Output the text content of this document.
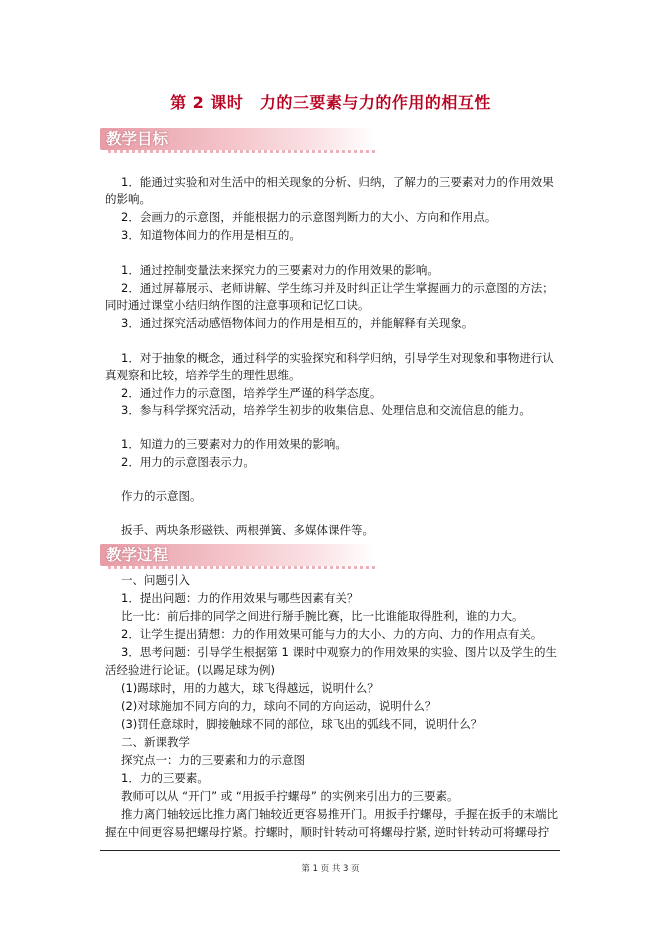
第 2 课时　力的三要素与力的作用的相互性
教学目标
1．能通过实验和对生活中的相关现象的分析、归纳，了解力的三要素对力的作用效果
的影响。
2．会画力的示意图，并能根据力的示意图判断力的大小、方向和作用点。
3．知道物体间力的作用是相互的。
1．通过控制变量法来探究力的三要素对力的作用效果的影响。
2．通过屏幕展示、老师讲解、学生练习并及时纠正让学生掌握画力的示意图的方法；
同时通过课堂小结归纳作图的注意事项和记忆口诀。
3．通过探究活动感悟物体间力的作用是相互的，并能解释有关现象。
1．对于抽象的概念，通过科学的实验探究和科学归纳，引导学生对现象和事物进行认
真观察和比较，培养学生的理性思维。
2．通过作力的示意图，培养学生严谨的科学态度。
3．参与科学探究活动，培养学生初步的收集信息、处理信息和交流信息的能力。
1．知道力的三要素对力的作用效果的影响。
2．用力的示意图表示力。
作力的示意图。
扳手、两块条形磁铁、两根弹簧、多媒体课件等。
教学过程
一、问题引入
1．提出问题：力的作用效果与哪些因素有关？
比一比：前后排的同学之间进行掰手腕比赛，比一比谁能取得胜利，谁的力大。
2．让学生提出猜想：力的作用效果可能与力的大小、力的方向、力的作用点有关。
3．思考问题：引导学生根据第 1 课时中观察力的作用效果的实验、图片以及学生的生
活经验进行论证。(以踢足球为例)
(1)踢球时，用的力越大，球飞得越远，说明什么？
(2)对球施加不同方向的力，球向不同的方向运动，说明什么？
(3)罚任意球时，脚接触球不同的部位，球飞出的弧线不同，说明什么？
二、新课教学
探究点一：力的三要素和力的示意图
1．力的三要素。
教师可以从 “开门” 或 “用扳手拧螺母” 的实例来引出力的三要素。
推力离门轴较远比推力离门轴较近更容易推开门。用扳手拧螺母，手握在扳手的末端比
握在中间更容易把螺母拧紧。拧螺时，顺时针转动可将螺母拧紧, 逆时针转动可将螺母拧
第 1 页 共 3 页
